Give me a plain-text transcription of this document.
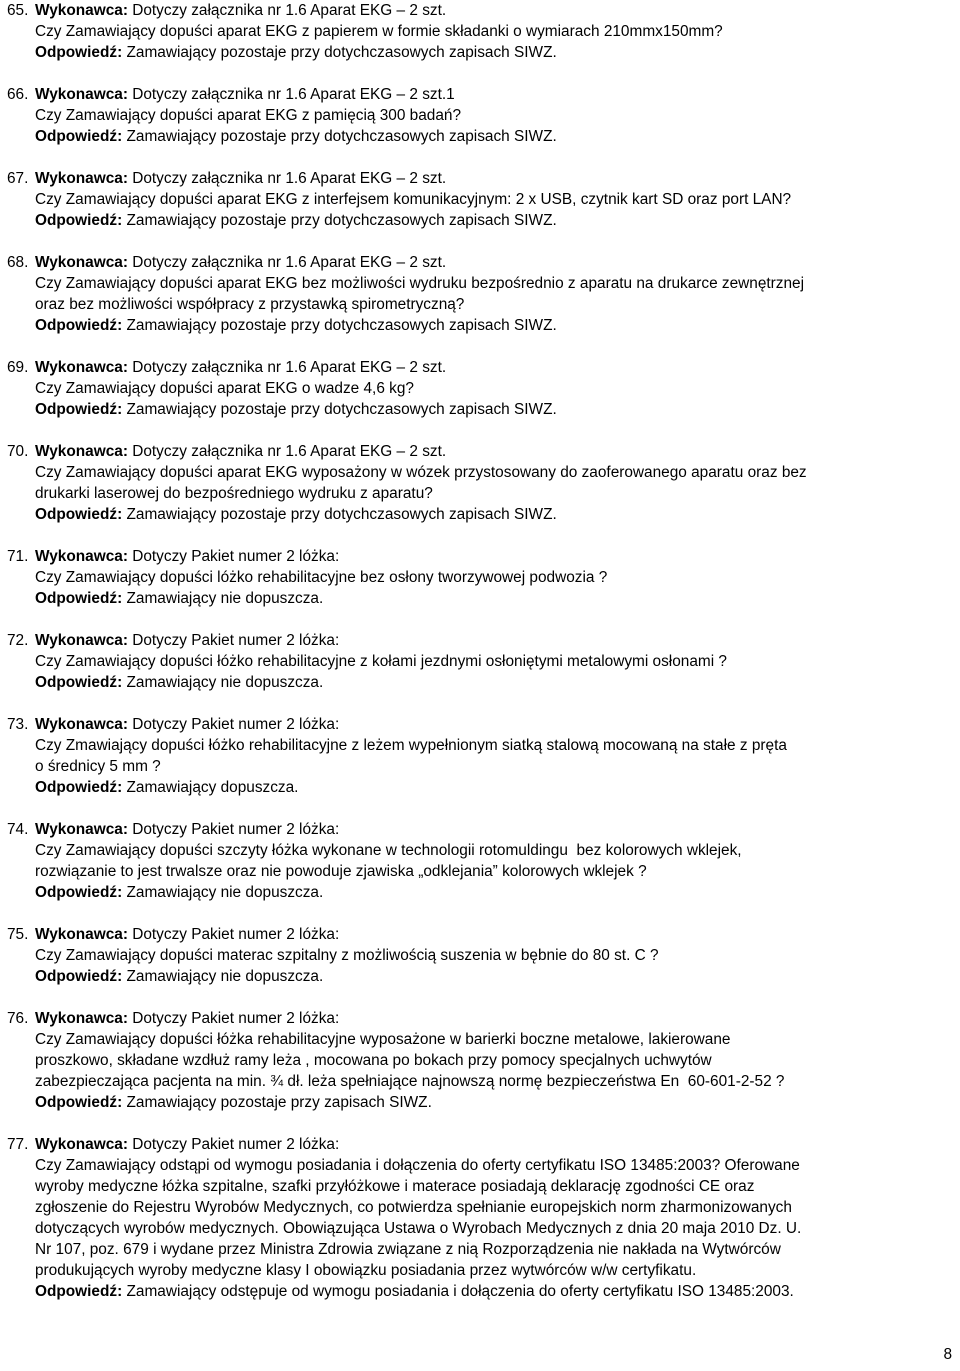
65. Wykonawca: Dotyczy załącznika nr 1.6 Aparat EKG – 2 szt.
Czy Zamawiający dopuści aparat EKG z papierem w formie składanki o wymiarach 210mmx150mm?
Odpowiedź: Zamawiający pozostaje przy dotychczasowych zapisach SIWZ.
66. Wykonawca: Dotyczy załącznika nr 1.6 Aparat EKG – 2 szt.1
Czy Zamawiający dopuści aparat EKG z pamięcią 300 badań?
Odpowiedź: Zamawiający pozostaje przy dotychczasowych zapisach SIWZ.
67. Wykonawca: Dotyczy załącznika nr 1.6 Aparat EKG – 2 szt.
Czy Zamawiający dopuści aparat EKG z interfejsem komunikacyjnym: 2 x USB, czytnik kart SD oraz port LAN?
Odpowiedź: Zamawiający pozostaje przy dotychczasowych zapisach SIWZ.
68. Wykonawca: Dotyczy załącznika nr 1.6 Aparat EKG – 2 szt.
Czy Zamawiający dopuści aparat EKG bez możliwości wydruku bezpośrednio z aparatu na drukarce zewnętrznej
oraz bez możliwości współpracy z przystawką spirometryczną?
Odpowiedź: Zamawiający pozostaje przy dotychczasowych zapisach SIWZ.
69. Wykonawca: Dotyczy załącznika nr 1.6 Aparat EKG – 2 szt.
Czy Zamawiający dopuści aparat EKG o wadze 4,6 kg?
Odpowiedź: Zamawiający pozostaje przy dotychczasowych zapisach SIWZ.
70. Wykonawca: Dotyczy załącznika nr 1.6 Aparat EKG – 2 szt.
Czy Zamawiający dopuści aparat EKG wyposażony w wózek przystosowany do zaoferowanego aparatu oraz bez
drukarki laserowej do bezpośredniego wydruku z aparatu?
Odpowiedź: Zamawiający pozostaje przy dotychczasowych zapisach SIWZ.
71. Wykonawca: Dotyczy Pakiet numer 2 lóżka:
Czy Zamawiający dopuści lóżko rehabilitacyjne bez osłony tworzywowej podwozia ?
Odpowiedź: Zamawiający nie dopuszcza.
72. Wykonawca: Dotyczy Pakiet numer 2 lóżka:
Czy Zamawiający dopuści łóżko rehabilitacyjne z kołami jezdnymi osłoniętymi metalowymi osłonami ?
Odpowiedź: Zamawiający nie dopuszcza.
73. Wykonawca: Dotyczy Pakiet numer 2 lóżka:
Czy Zmawiający dopuści łóżko rehabilitacyjne z leżem wypełnionym siatką stalową mocowaną na stałe z pręta
o średnicy 5 mm ?
Odpowiedź: Zamawiający dopuszcza.
74. Wykonawca: Dotyczy Pakiet numer 2 lóżka:
Czy Zamawiający dopuści szczyty łóżka wykonane w technologii rotomuldingu  bez kolorowych wklejek,
rozwiązanie to jest trwalsze oraz nie powoduje zjawiska „odklejania” kolorowych wklejek ?
Odpowiedź: Zamawiający nie dopuszcza.
75. Wykonawca: Dotyczy Pakiet numer 2 lóżka:
Czy Zamawiający dopuści materac szpitalny z możliwością suszenia w bębnie do 80 st. C ?
Odpowiedź: Zamawiający nie dopuszcza.
76. Wykonawca: Dotyczy Pakiet numer 2 lóżka:
Czy Zamawiający dopuści łóżka rehabilitacyjne wyposażone w barierki boczne metalowe, lakierowane
proszkowo, składane wzdłuż ramy leża , mocowana po bokach przy pomocy specjalnych uchwytów
zabezpieczająca pacjenta na min. ¾ dł. leża spełniające najnowszą normę bezpieczeństwa En  60-601-2-52 ?
Odpowiedź: Zamawiający pozostaje przy zapisach SIWZ.
77. Wykonawca: Dotyczy Pakiet numer 2 lóżka:
Czy Zamawiający odstąpi od wymogu posiadania i dołączenia do oferty certyfikatu ISO 13485:2003? Oferowane
wyroby medyczne łóżka szpitalne, szafki przyłóżkowe i materace posiadają deklarację zgodności CE oraz
zgłoszenie do Rejestru Wyrobów Medycznych, co potwierdza spełnianie europejskich norm zharmonizowanych
dotyczących wyrobów medycznych. Obowiązująca Ustawa o Wyrobach Medycznych z dnia 20 maja 2010 Dz. U.
Nr 107, poz. 679 i wydane przez Ministra Zdrowia związane z nią Rozporządzenia nie nakłada na Wytwórców
produkujących wyroby medyczne klasy I obowiązku posiadania przez wytwórców w/w certyfikatu.
Odpowiedź: Zamawiający odstępuje od wymogu posiadania i dołączenia do oferty certyfikatu ISO 13485:2003.
8
